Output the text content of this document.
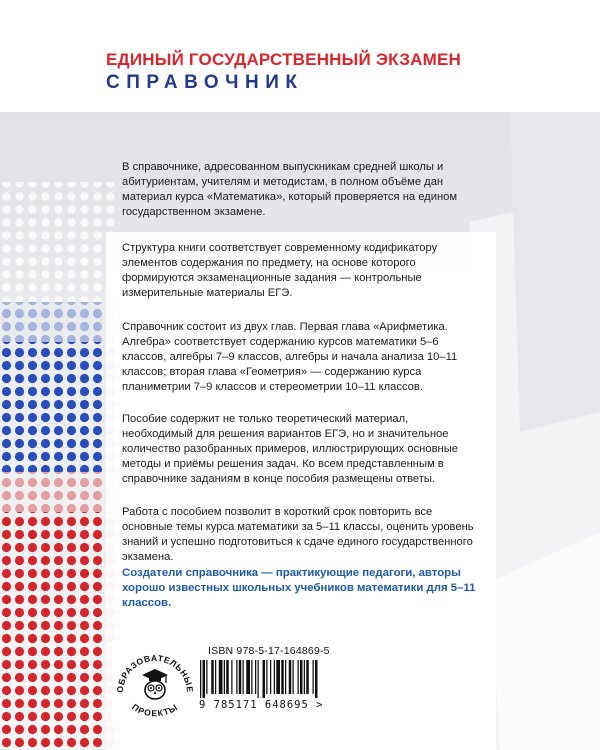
ЕДИНЫЙ ГОСУДАРСТВЕННЫЙ ЭКЗАМЕН
СПРАВОЧНИК

В справочнике, адресованном выпускникам средней школы и абитуриентам, учителям и методистам, в полном объёме дан материал курса «Математика», который проверяется на едином государственном экзамене.

Структура книги соответствует современному кодификатору элементов содержания по предмету, на основе которого формируются экзаменационные задания — контрольные измерительные материалы ЕГЭ.

Справочник состоит из двух глав. Первая глава «Арифметика. Алгебра» соответствует содержанию курсов математики 5–6 классов, алгебры 7–9 классов, алгебры и начала анализа 10–11 классов; вторая глава «Геометрия» — содержанию курса планиметрии 7–9 классов и стереометрии 10–11 классов.

Пособие содержит не только теоретический материал, необходимый для решения вариантов ЕГЭ, но и значительное количество разобранных примеров, иллюстрирующих основные методы и приёмы решения задач. Ко всем представленным в справочнике заданиям в конце пособия размещены ответы.

Работа с пособием позволит в короткий срок повторить все основные темы курса математики за 5–11 классы, оценить уровень знаний и успешно подготовиться к сдаче единого государственного экзамена.

Создатели справочника — практикующие педагоги, авторы хорошо известных школьных учебников математики для 5–11 классов.

ОБРАЗОВАТЕЛЬНЫЕ
ПРОЕКТЫ
ISBN 978-5-17-164869-5
9 785171 648695 >
